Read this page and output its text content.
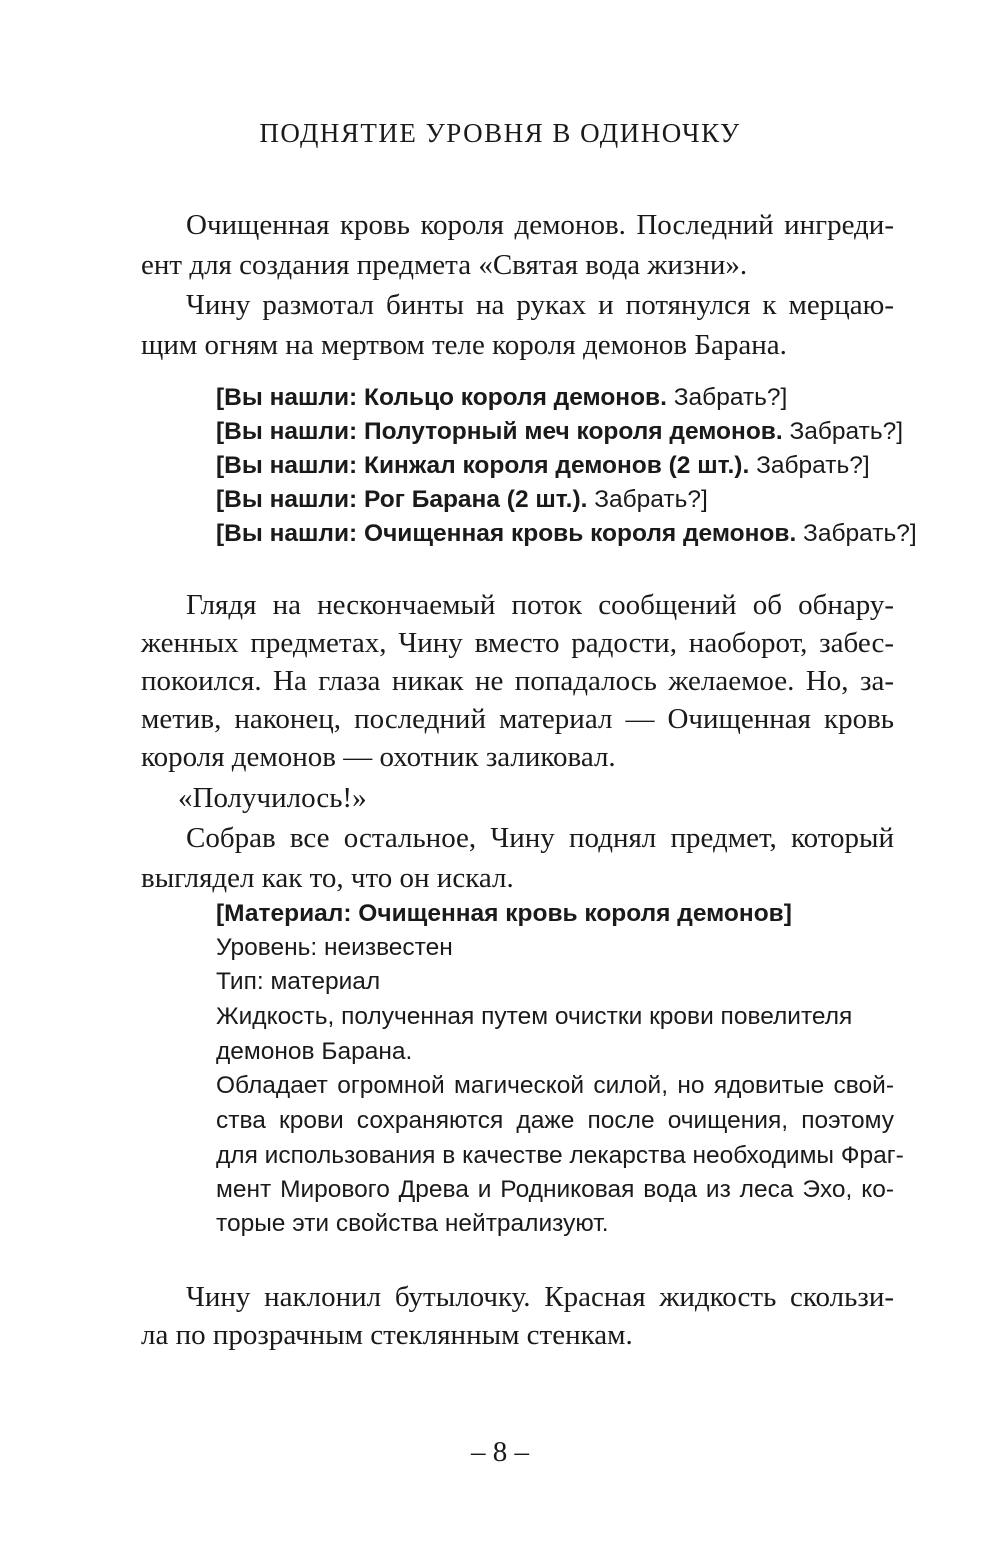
ПОДНЯТИЕ УРОВНЯ В ОДИНОЧКУ

Очищенная кровь короля демонов. Последний ингреди-

ент для создания предмета «Святая вода жизни».

Чину размотал бинты на руках и потянулся к мерцаю-

щим огням на мертвом теле короля демонов Барана.

[Вы нашли: Кольцо короля демонов. Забрать?]

[Вы нашли: Полуторный меч короля демонов. Забрать?]

[Вы нашли: Кинжал короля демонов (2 шт.). Забрать?]

[Вы нашли: Рог Барана (2 шт.). Забрать?]

[Вы нашли: Очищенная кровь короля демонов. Забрать?]

Глядя на нескончаемый поток сообщений об обнару-

женных предметах, Чину вместо радости, наоборот, забес-

покоился. На глаза никак не попадалось желаемое. Но, за-

метив, наконец, последний материал — Очищенная кровь

короля демонов — охотник заликовал.

«Получилось!»

Собрав все остальное, Чину поднял предмет, который

выглядел как то, что он искал.

[Материал: Очищенная кровь короля демонов]

Уровень: неизвестен

Тип: материал

Жидкость, полученная путем очистки крови повелителя

демонов Барана.

Обладает огромной магической силой, но ядовитые свой-

ства крови сохраняются даже после очищения, поэтому

для использования в качестве лекарства необходимы Фраг-

мент Мирового Древа и Родниковая вода из леса Эхо, ко-

торые эти свойства нейтрализуют.

Чину наклонил бутылочку. Красная жидкость скользи-

ла по прозрачным стеклянным стенкам.

– 8 –
